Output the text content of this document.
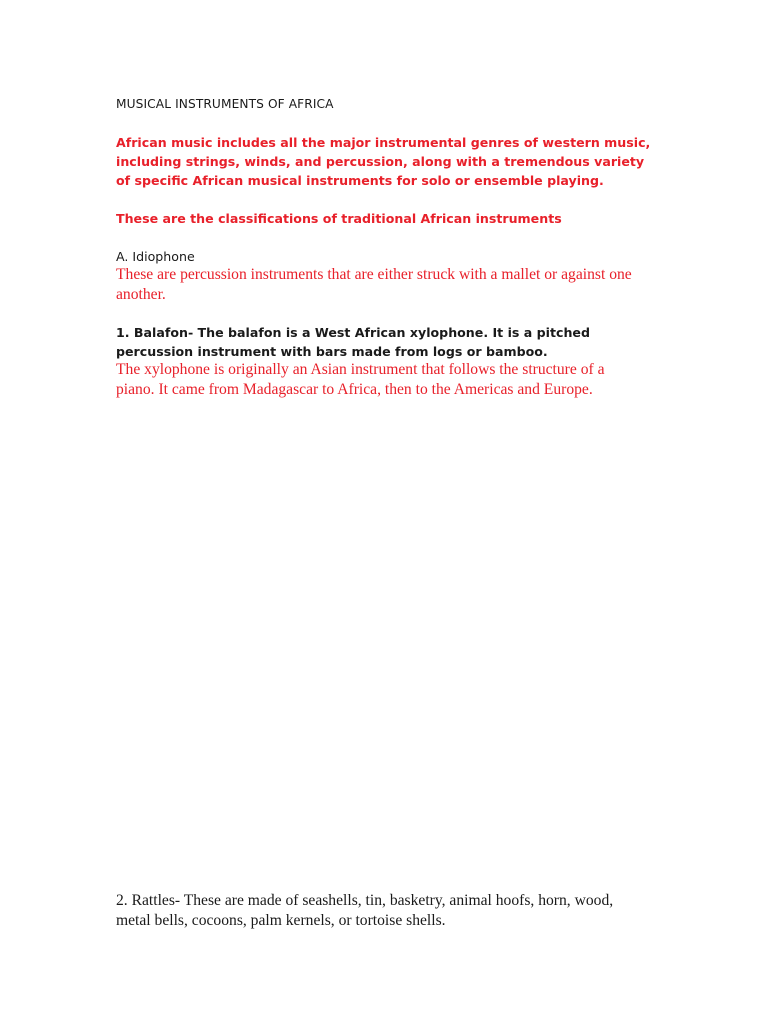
MUSICAL INSTRUMENTS OF AFRICA

African music includes all the major instrumental genres of western music, including strings, winds, and percussion, along with a tremendous variety of specific African musical instruments for solo or ensemble playing.

These are the classifications of traditional African instruments

A. Idiophone

These are percussion instruments that are either struck with a mallet or against one another.

1. Balafon- The balafon is a West African xylophone. It is a pitched percussion instrument with bars made from logs or bamboo.

The xylophone is originally an Asian instrument that follows the structure of a piano. It came from Madagascar to Africa, then to the Americas and Europe.

2. Rattles- These are made of seashells, tin, basketry, animal hoofs, horn, wood, metal bells, cocoons, palm kernels, or tortoise shells.
